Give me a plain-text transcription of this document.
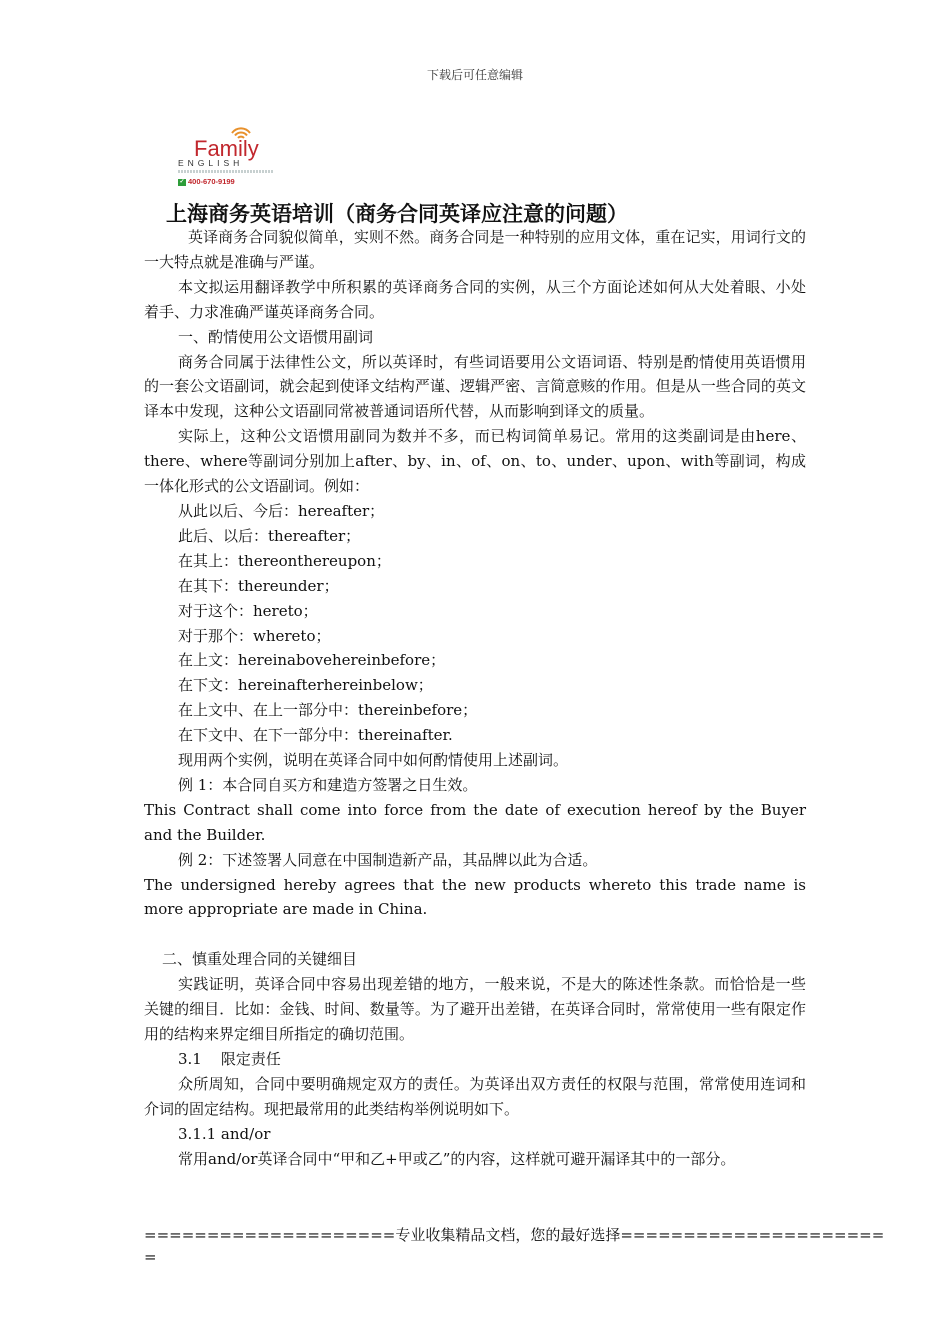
下载后可任意编辑
Family
ENGLISH
✓ 400-670-9199
上海商务英语培训（商务合同英译应注意的问题）

英译商务合同貌似简单，实则不然。商务合同是一种特别的应用文体，重在记实，用词行文的一大特点就是准确与严谨。

本文拟运用翻译教学中所积累的英译商务合同的实例，从三个方面论述如何从大处着眼、小处着手、力求准确严谨英译商务合同。

一、酌情使用公文语惯用副词

商务合同属于法律性公文，所以英译时，有些词语要用公文语词语、特别是酌情使用英语惯用的一套公文语副词，就会起到使译文结构严谨、逻辑严密、言简意赅的作用。但是从一些合同的英文译本中发现，这种公文语副同常被普通词语所代替，从而影响到译文的质量。

实际上，这种公文语惯用副同为数并不多，而已构词简单易记。常用的这类副词是由here、there、where等副词分别加上after、by、in、of、on、to、under、upon、with等副词，构成一体化形式的公文语副词。例如：

从此以后、今后：hereafter；

此后、以后：thereafter；

在其上：thereonthereupon；

在其下：thereunder；

对于这个：hereto；

对于那个：whereto；

在上文：hereinabovehereinbefore；

在下文：hereinafterhereinbelow；

在上文中、在上一部分中：thereinbefore；

在下文中、在下一部分中：thereinafter.

现用两个实例，说明在英译合同中如何酌情使用上述副词。

例 1：本合同自买方和建造方签署之日生效。

This Contract shall come into force from the date of execution hereof by the Buyer and the Builder.

例 2：下述签署人同意在中国制造新产品，其品牌以此为合适。

The undersigned hereby agrees that the new products whereto this trade name is more appropriate are made in China.

二、慎重处理合同的关键细目

实践证明，英译合同中容易出现差错的地方，一般来说，不是大的陈述性条款。而恰恰是一些关键的细目．比如：金钱、时间、数量等。为了避开出差错，在英译合同时，常常使用一些有限定作用的结构来界定细目所指定的确切范围。

3.1    限定责任

众所周知，合同中要明确规定双方的责任。为英译出双方责任的权限与范围，常常使用连词和介词的固定结构。现把最常用的此类结构举例说明如下。

3.1.1 and/or

常用and/or英译合同中“甲和乙+甲或乙”的内容，这样就可避开漏译其中的一部分。

====================专业收集精品文档，您的最好选择=====================
=
